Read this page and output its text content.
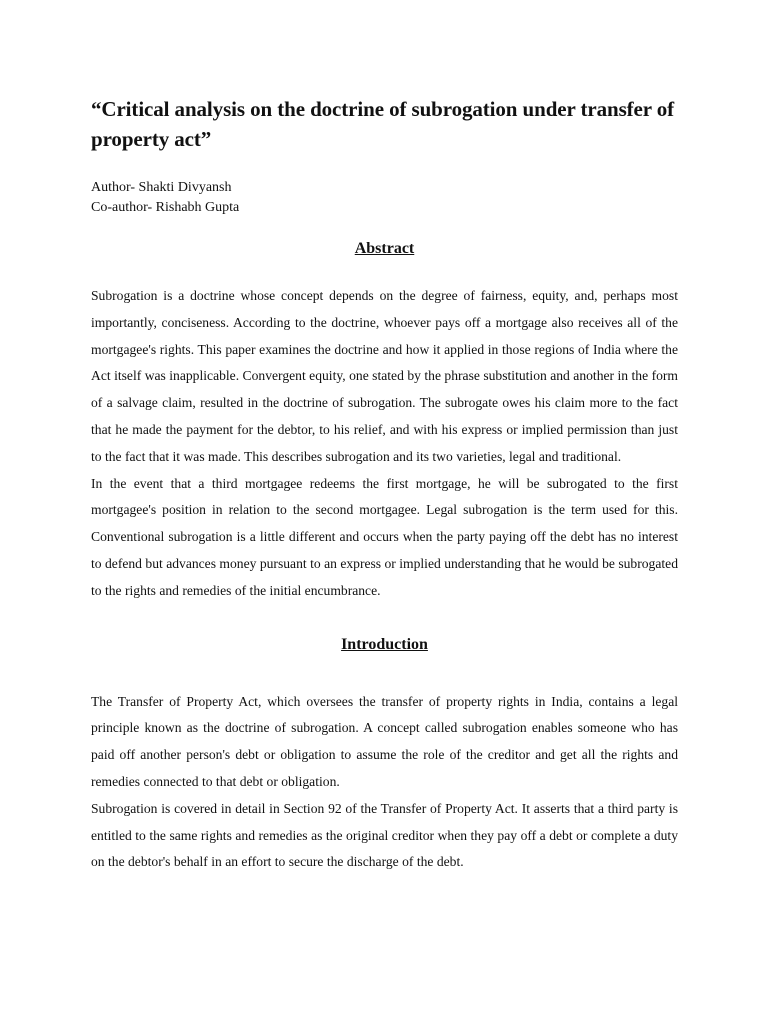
“Critical analysis on the doctrine of subrogation under transfer of property act”
Author- Shakti Divyansh
Co-author- Rishabh Gupta
Abstract

Subrogation is a doctrine whose concept depends on the degree of fairness, equity, and, perhaps most importantly, conciseness. According to the doctrine, whoever pays off a mortgage also receives all of the mortgagee's rights. This paper examines the doctrine and how it applied in those regions of India where the Act itself was inapplicable. Convergent equity, one stated by the phrase substitution and another in the form of a salvage claim, resulted in the doctrine of subrogation. The subrogate owes his claim more to the fact that he made the payment for the debtor, to his relief, and with his express or implied permission than just to the fact that it was made. This describes subrogation and its two varieties, legal and traditional.

In the event that a third mortgagee redeems the first mortgage, he will be subrogated to the first mortgagee's position in relation to the second mortgagee. Legal subrogation is the term used for this. Conventional subrogation is a little different and occurs when the party paying off the debt has no interest to defend but advances money pursuant to an express or implied understanding that he would be subrogated to the rights and remedies of the initial encumbrance.

Introduction

The Transfer of Property Act, which oversees the transfer of property rights in India, contains a legal principle known as the doctrine of subrogation. A concept called subrogation enables someone who has paid off another person's debt or obligation to assume the role of the creditor and get all the rights and remedies connected to that debt or obligation.

Subrogation is covered in detail in Section 92 of the Transfer of Property Act. It asserts that a third party is entitled to the same rights and remedies as the original creditor when they pay off a debt or complete a duty on the debtor's behalf in an effort to secure the discharge of the debt.
